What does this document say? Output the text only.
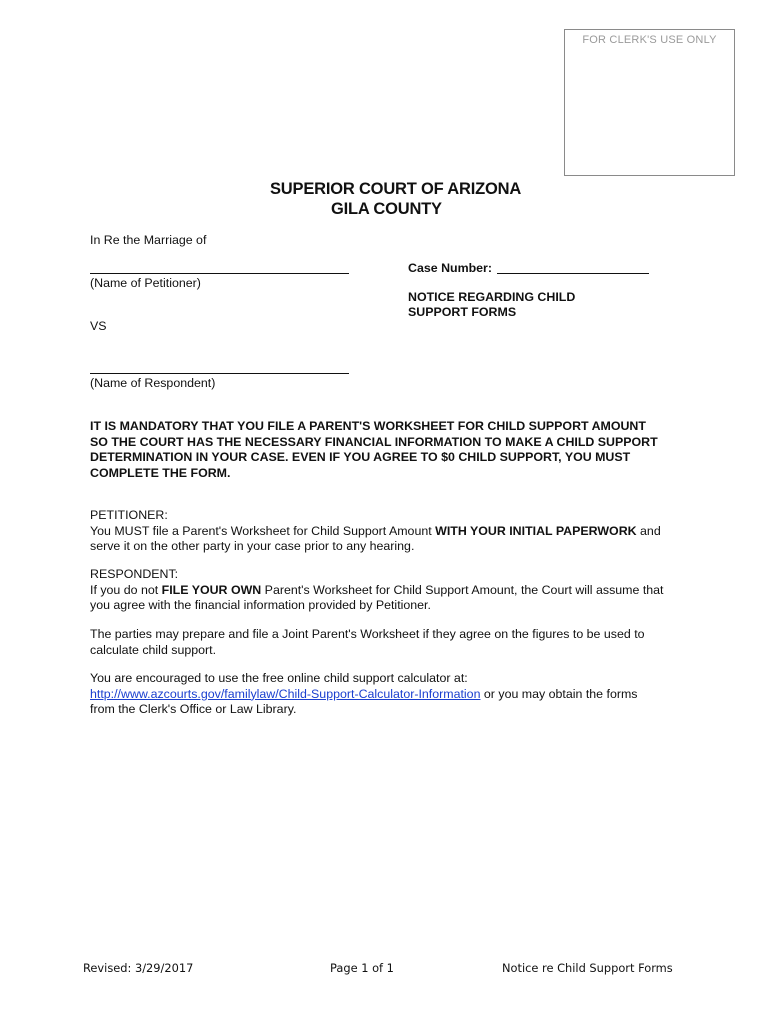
FOR CLERK'S USE ONLY
SUPERIOR COURT OF ARIZONA
GILA COUNTY
In Re the Marriage of
(Name of Petitioner)
VS
(Name of Respondent)
Case Number:
NOTICE REGARDING CHILD
SUPPORT FORMS

IT IS MANDATORY THAT YOU FILE A PARENT'S WORKSHEET FOR CHILD SUPPORT AMOUNT

SO THE COURT HAS THE NECESSARY FINANCIAL INFORMATION TO MAKE A CHILD SUPPORT

DETERMINATION IN YOUR CASE. EVEN IF YOU AGREE TO $0 CHILD SUPPORT, YOU MUST

COMPLETE THE FORM.

PETITIONER:

You MUST file a Parent's Worksheet for Child Support Amount WITH YOUR INITIAL PAPERWORK and

serve it on the other party in your case prior to any hearing.

RESPONDENT:

If you do not FILE YOUR OWN Parent's Worksheet for Child Support Amount, the Court will assume that

you agree with the financial information provided by Petitioner.

The parties may prepare and file a Joint Parent's Worksheet if they agree on the figures to be used to

calculate child support.

You are encouraged to use the free online child support calculator at:

http://www.azcourts.gov/familylaw/Child-Support-Calculator-Information or you may obtain the forms

from the Clerk's Office or Law Library.

Revised: 3/29/2017	Page 1 of 1	Notice re Child Support Forms
